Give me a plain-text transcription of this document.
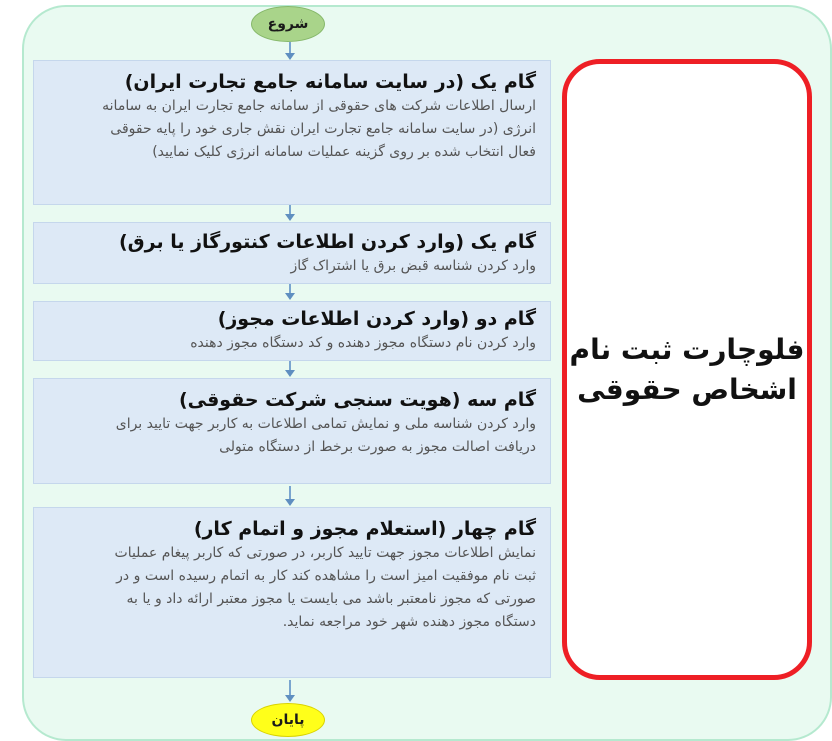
شروع
گام یک (در سایت سامانه جامع تجارت ایران)
ارسال اطلاعات شرکت های حقوقی از سامانه جامع تجارت ایران به سامانه
انرژی (در سایت سامانه جامع تجارت ایران نقش جاری خود را پایه حقوقی
فعال انتخاب شده بر روی گزینه عملیات سامانه انرژی کلیک نمایید)
گام یک (وارد کردن اطلاعات کنتورگاز یا برق)
وارد کردن شناسه قبض برق یا اشتراک گاز
گام دو (وارد کردن اطلاعات مجوز)
وارد کردن نام دستگاه مجوز دهنده و کد دستگاه مجوز دهنده
گام سه (هویت سنجی شرکت حقوقی)
وارد کردن شناسه ملی و نمایش تمامی اطلاعات به کاربر جهت تایید برای
دریافت اصالت مجوز به صورت برخط از دستگاه متولی
گام چهار (استعلام مجوز و اتمام کار)
نمایش اطلاعات مجوز جهت تایید کاربر، در صورتی که کاربر پیغام عملیات
ثبت نام موفقیت امیز است را مشاهده کند کار به اتمام رسیده است و در
صورتی که مجوز نامعتبر باشد می بایست یا مجوز معتبر ارائه داد و یا به
دستگاه مجوز دهنده شهر خود مراجعه نماید.
پایان
فلوچارت ثبت نام
اشخاص حقوقی
